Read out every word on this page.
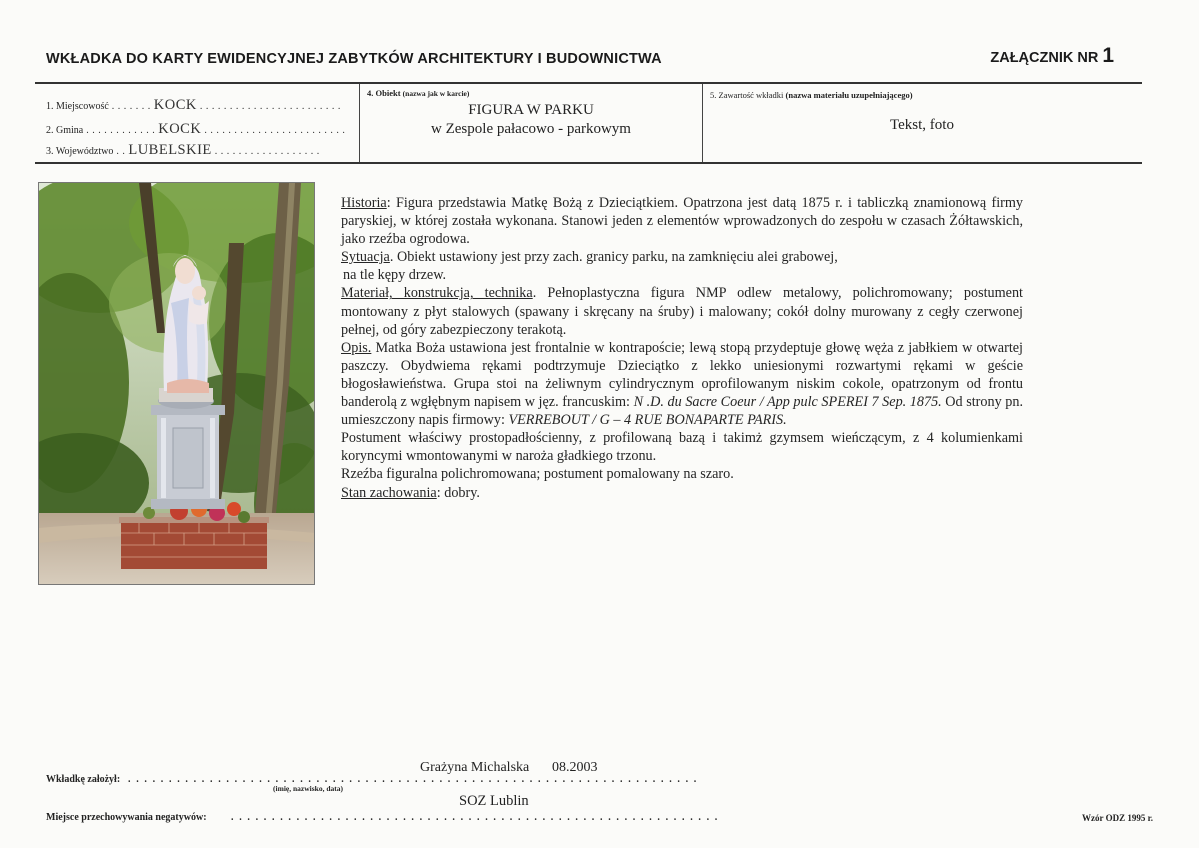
WKŁADKA DO KARTY EWIDENCYJNEJ ZABYTKÓW ARCHITEKTURY I BUDOWNICTWA	ZAŁĄCZNIK NR 1
1. Miejscowość . . . . . . . KOCK . . . . . . . . . . . . . . . . . . . . . . . .
2. Gmina . . . . . . . . . . . . KOCK . . . . . . . . . . . . . . . . . . . . . . . .
3. Województwo . . LUBELSKIE . . . . . . . . . . . . . . . . . .
4. Obiekt (nazwa jak w karcie)
FIGURA W PARKU
w Zespole pałacowo - parkowym
5. Zawartość wkładki (nazwa materiału uzupełniającego)
Tekst, foto

Historia: Figura przedstawia Matkę Bożą z Dzieciątkiem. Opatrzona jest datą 1875 r. i tabliczką znamionową firmy paryskiej, w której została wykonana. Stanowi jeden z elementów wprowadzonych do zespołu w czasach Żółtawskich, jako rzeźba ogrodowa.

Sytuacja. Obiekt ustawiony jest przy zach. granicy parku, na zamknięciu alei grabowej,

na tle kępy drzew.

Materiał, konstrukcja, technika. Pełnoplastyczna figura NMP odlew metalowy, polichromowany; postument montowany z płyt stalowych (spawany i skręcany na śruby) i malowany; cokół dolny murowany z cegły czerwonej pełnej, od góry zabezpieczony terakotą.

Opis. Matka Boża ustawiona jest frontalnie w kontrapoście; lewą stopą przydeptuje głowę węża z jabłkiem w otwartej paszczy. Obydwiema rękami podtrzymuje Dzieciątko z lekko uniesionymi rozwartymi rękami w geście błogosławieństwa. Grupa stoi na żeliwnym cylindrycznym oprofilowanym niskim cokole, opatrzonym od frontu banderolą z wgłębnym napisem w jęz. francuskim: N .D. du Sacre Coeur / App pulc SPEREI 7 Sep. 1875. Od strony pn. umieszczony napis firmowy: VERREBOUT / G – 4 RUE BONAPARTE PARIS.

Postument właściwy prostopadłościenny, z profilowaną bazą i takimż gzymsem wieńczącym, z 4 kolumienkami koryncymi wmontowanymi w naroża gładkiego trzonu.

Rzeźba figuralna polichromowana; postument pomalowany na szaro.

Stan zachowania: dobry.

Grażyna Michalska 08.2003
Wkładkę założył: . . . . . . . . . . . . . . . . . . . . . . . . . . . . . . . . . . . . . . . . . . . . . . . . . . . . . . . . . . . . . . . . . . . . . .
(imię, nazwisko, data)
SOZ Lublin
Miejsce przechowywania negatywów: . . . . . . . . . . . . . . . . . . . . . . . . . . . . . . . . . . . . . . . . . . . . . . . . . . . . . . . . . . . .	Wzór ODZ 1995 r.
